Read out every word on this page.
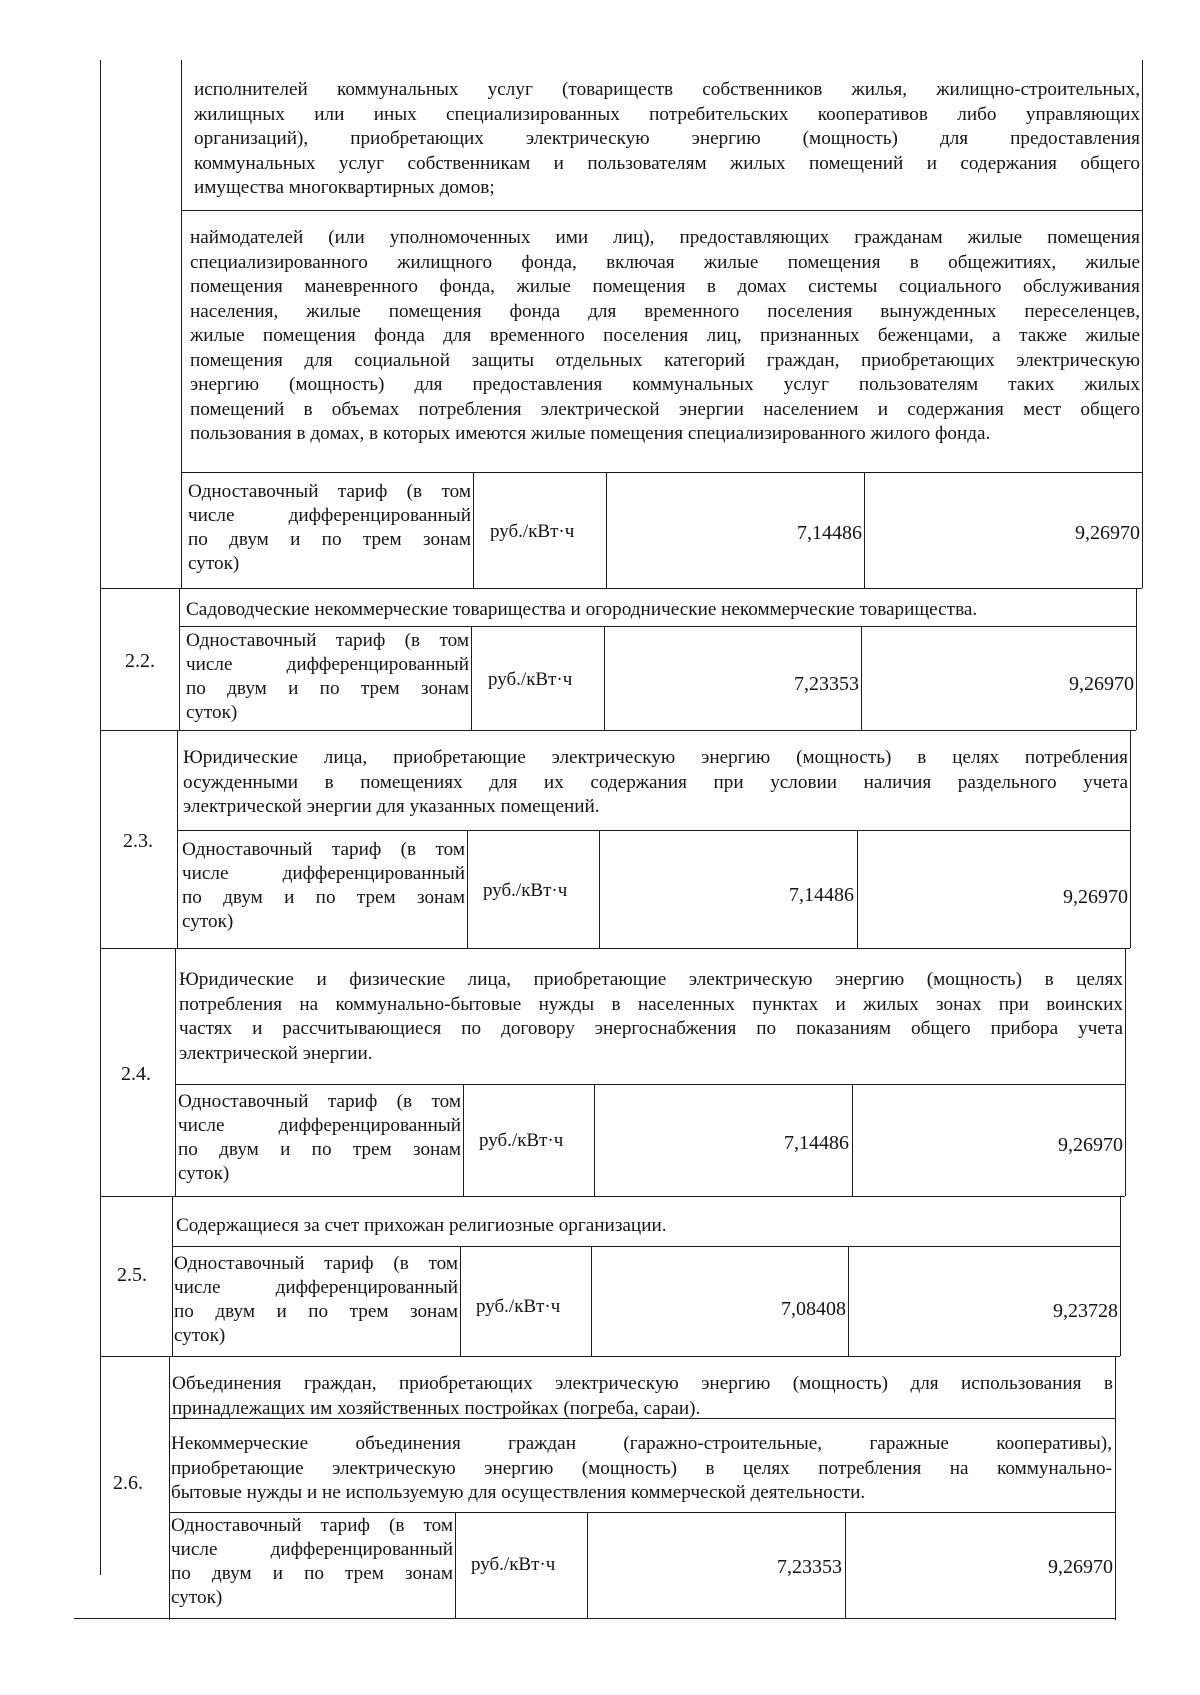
исполнителей коммунальных услуг (товариществ собственников жилья, жилищно-строительных,
жилищных или иных специализированных потребительских кооперативов либо управляющих
организаций), приобретающих электрическую энергию (мощность) для предоставления
коммунальных услуг собственникам и пользователям жилых помещений и содержания общего
имущества многоквартирных домов;
наймодателей (или уполномоченных ими лиц), предоставляющих гражданам жилые помещения
специализированного жилищного фонда, включая жилые помещения в общежитиях, жилые
помещения маневренного фонда, жилые помещения в домах системы социального обслуживания
населения, жилые помещения фонда для временного поселения вынужденных переселенцев,
жилые помещения фонда для временного поселения лиц, признанных беженцами, а также жилые
помещения для социальной защиты отдельных категорий граждан, приобретающих электрическую
энергию (мощность) для предоставления коммунальных услуг пользователям таких жилых
помещений в объемах потребления электрической энергии населением и содержания мест общего
пользования в домах, в которых имеются жилые помещения специализированного жилого фонда.
Одноставочный тариф (в том
числе дифференцированный
по двум и по трем зонам
суток)
руб./кВт·ч	7,14486	9,26970
2.2.
Садоводческие некоммерческие товарищества и огороднические некоммерческие товарищества.
Одноставочный тариф (в том
числе дифференцированный
по двум и по трем зонам
суток)
руб./кВт·ч	7,23353	9,26970
2.3.
Юридические лица, приобретающие электрическую энергию (мощность) в целях потребления
осужденными в помещениях для их содержания при условии наличия раздельного учета
электрической энергии для указанных помещений.
Одноставочный тариф (в том
числе дифференцированный
по двум и по трем зонам
суток)
руб./кВт·ч	7,14486	9,26970
2.4.
Юридические и физические лица, приобретающие электрическую энергию (мощность) в целях
потребления на коммунально-бытовые нужды в населенных пунктах и жилых зонах при воинских
частях и рассчитывающиеся по договору энергоснабжения по показаниям общего прибора учета
электрической энергии.
Одноставочный тариф (в том
числе дифференцированный
по двум и по трем зонам
суток)
руб./кВт·ч	7,14486	9,26970
2.5.
Содержащиеся за счет прихожан религиозные организации.
Одноставочный тариф (в том
числе дифференцированный
по двум и по трем зонам
суток)
руб./кВт·ч	7,08408	9,23728
2.6.
Объединения граждан, приобретающих электрическую энергию (мощность) для использования в
принадлежащих им хозяйственных постройках (погреба, сараи).
Некоммерческие объединения граждан (гаражно-строительные, гаражные кооперативы),
приобретающие электрическую энергию (мощность) в целях потребления на коммунально-
бытовые нужды и не используемую для осуществления коммерческой деятельности.
Одноставочный тариф (в том
числе дифференцированный
по двум и по трем зонам
суток)
руб./кВт·ч	7,23353	9,26970
